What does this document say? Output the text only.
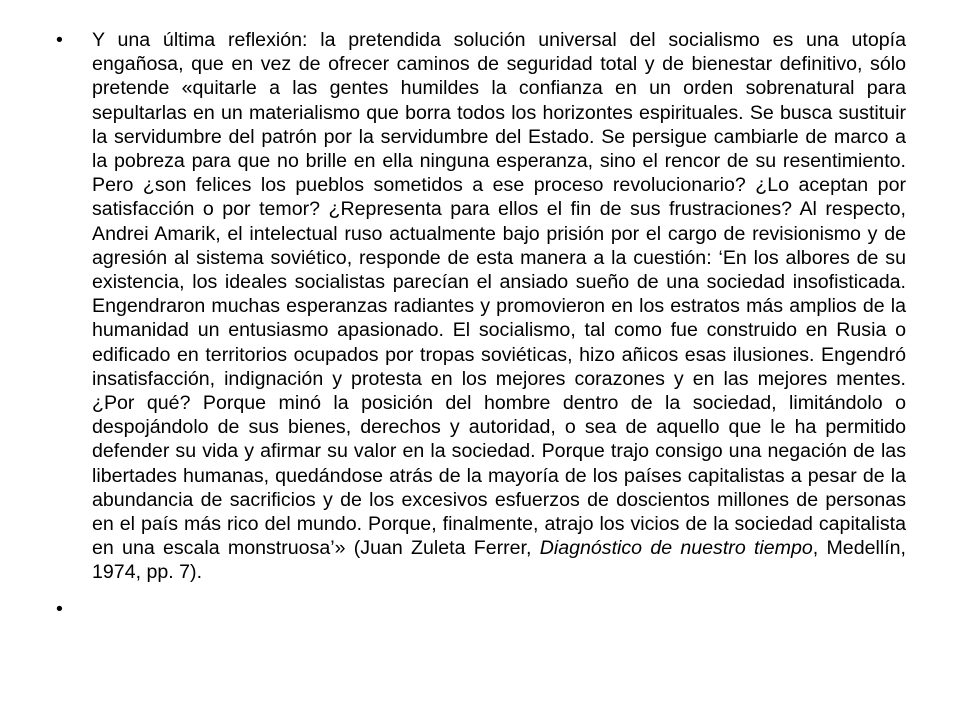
• Y una última reflexión: la pretendida solución universal del socialismo es una utopía engañosa, que en vez de ofrecer caminos de seguridad total y de bienestar definitivo, sólo pretende «quitarle a las gentes humildes la confianza en un orden sobrenatural para sepultarlas en un materialismo que borra todos los horizontes espirituales. Se busca sustituir la servidumbre del patrón por la servidumbre del Estado. Se persigue cambiarle de marco a la pobreza para que no brille en ella ninguna esperanza, sino el rencor de su resentimiento. Pero ¿son felices los pueblos sometidos a ese proceso revolucionario? ¿Lo aceptan por satisfacción o por temor? ¿Representa para ellos el fin de sus frustraciones? Al respecto, Andrei Amarik, el intelectual ruso actualmente bajo prisión por el cargo de revisionismo y de agresión al sistema soviético, responde de esta manera a la cuestión: ‘En los albores de su existencia, los ideales socialistas parecían el ansiado sueño de una sociedad insofisticada. Engendraron muchas esperanzas radiantes y promovieron en los estratos más amplios de la humanidad un entusiasmo apasionado. El socialismo, tal como fue construido en Rusia o edificado en territorios ocupados por tropas soviéticas, hizo añicos esas ilusiones. Engendró insatisfacción, indignación y protesta en los mejores corazones y en las mejores mentes. ¿Por qué? Porque minó la posición del hombre dentro de la sociedad, limitándolo o despojándolo de sus bienes, derechos y autoridad, o sea de aquello que le ha permitido defender su vida y afirmar su valor en la sociedad. Porque trajo consigo una negación de las libertades humanas, quedándose atrás de la mayoría de los países capitalistas a pesar de la abundancia de sacrificios y de los excesivos esfuerzos de doscientos millones de personas en el país más rico del mundo. Porque, finalmente, atrajo los vicios de la sociedad capitalista en una escala monstruosa’» (Juan Zuleta Ferrer, Diagnóstico de nuestro tiempo, Medellín, 1974, pp. 7).

•
